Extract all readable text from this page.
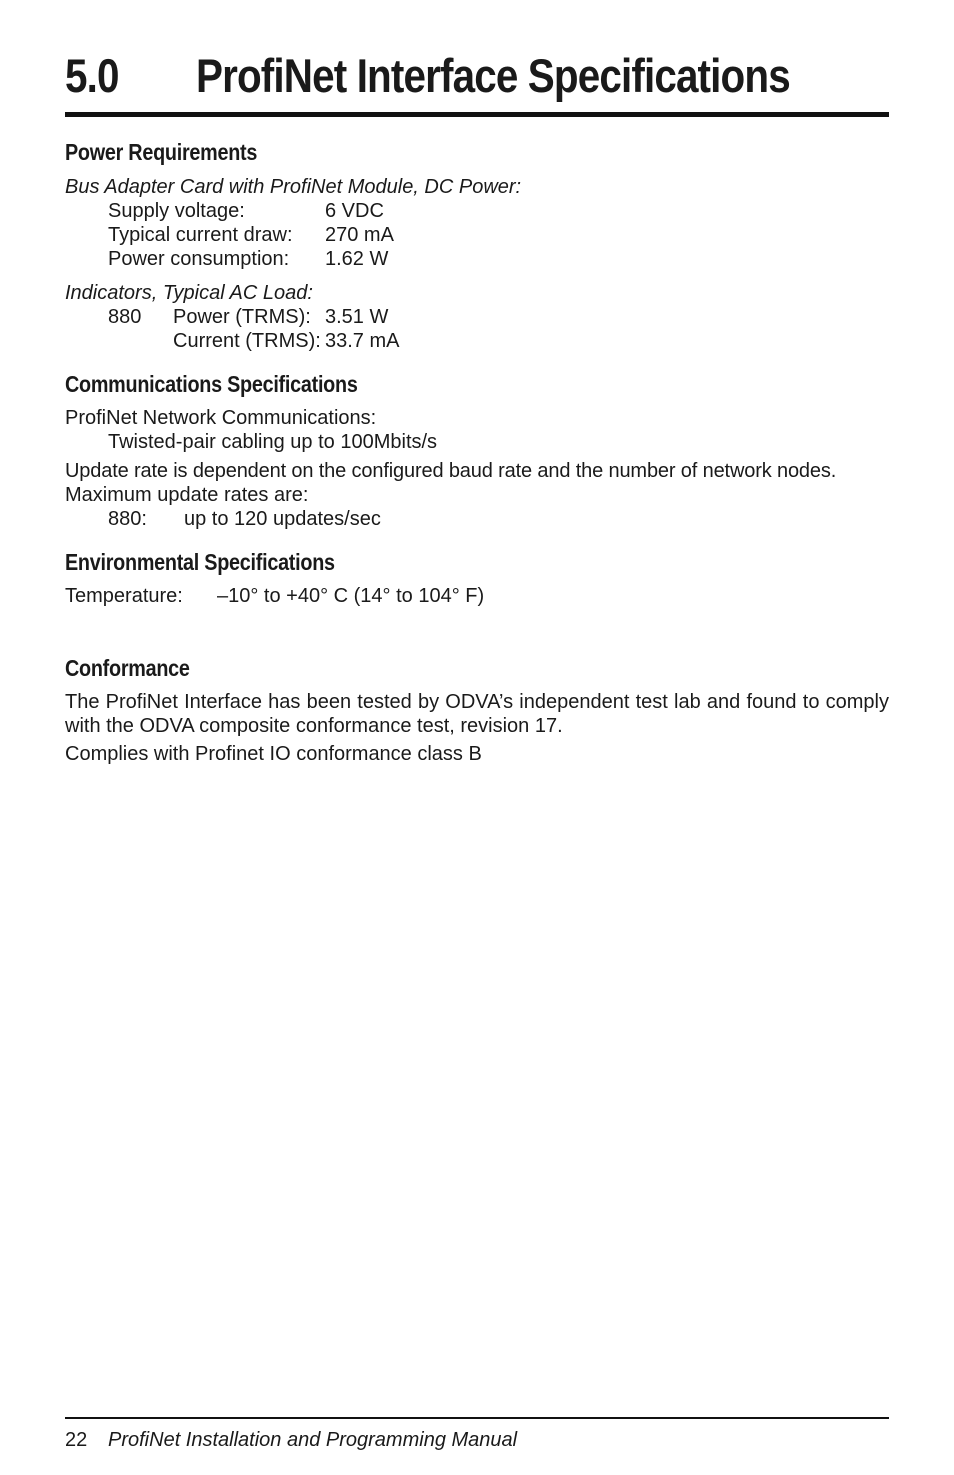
5.0 ProfiNet Interface Specifications
Power Requirements
Bus Adapter Card with ProfiNet Module, DC Power:
Supply voltage:	6 VDC
Typical current draw: 270 mA
Power consumption: 1.62 W
Indicators, Typical AC Load:
880 Power (TRMS): 3.51 W
Current (TRMS): 33.7 mA
Communications Specifications
ProfiNet Network Communications:
Twisted-pair cabling up to 100Mbits/s
Update rate is dependent on the configured baud rate and the number of network nodes.
Maximum update rates are:
880: up to 120 updates/sec
Environmental Specifications
Temperature: –10° to +40° C (14° to 104° F)
Conformance
The ProfiNet Interface has been tested by ODVA’s independent test lab and found to comply with the ODVA composite conformance test, revision 17.
Complies with Profinet IO conformance class B
22 ProfiNet Installation and Programming Manual
